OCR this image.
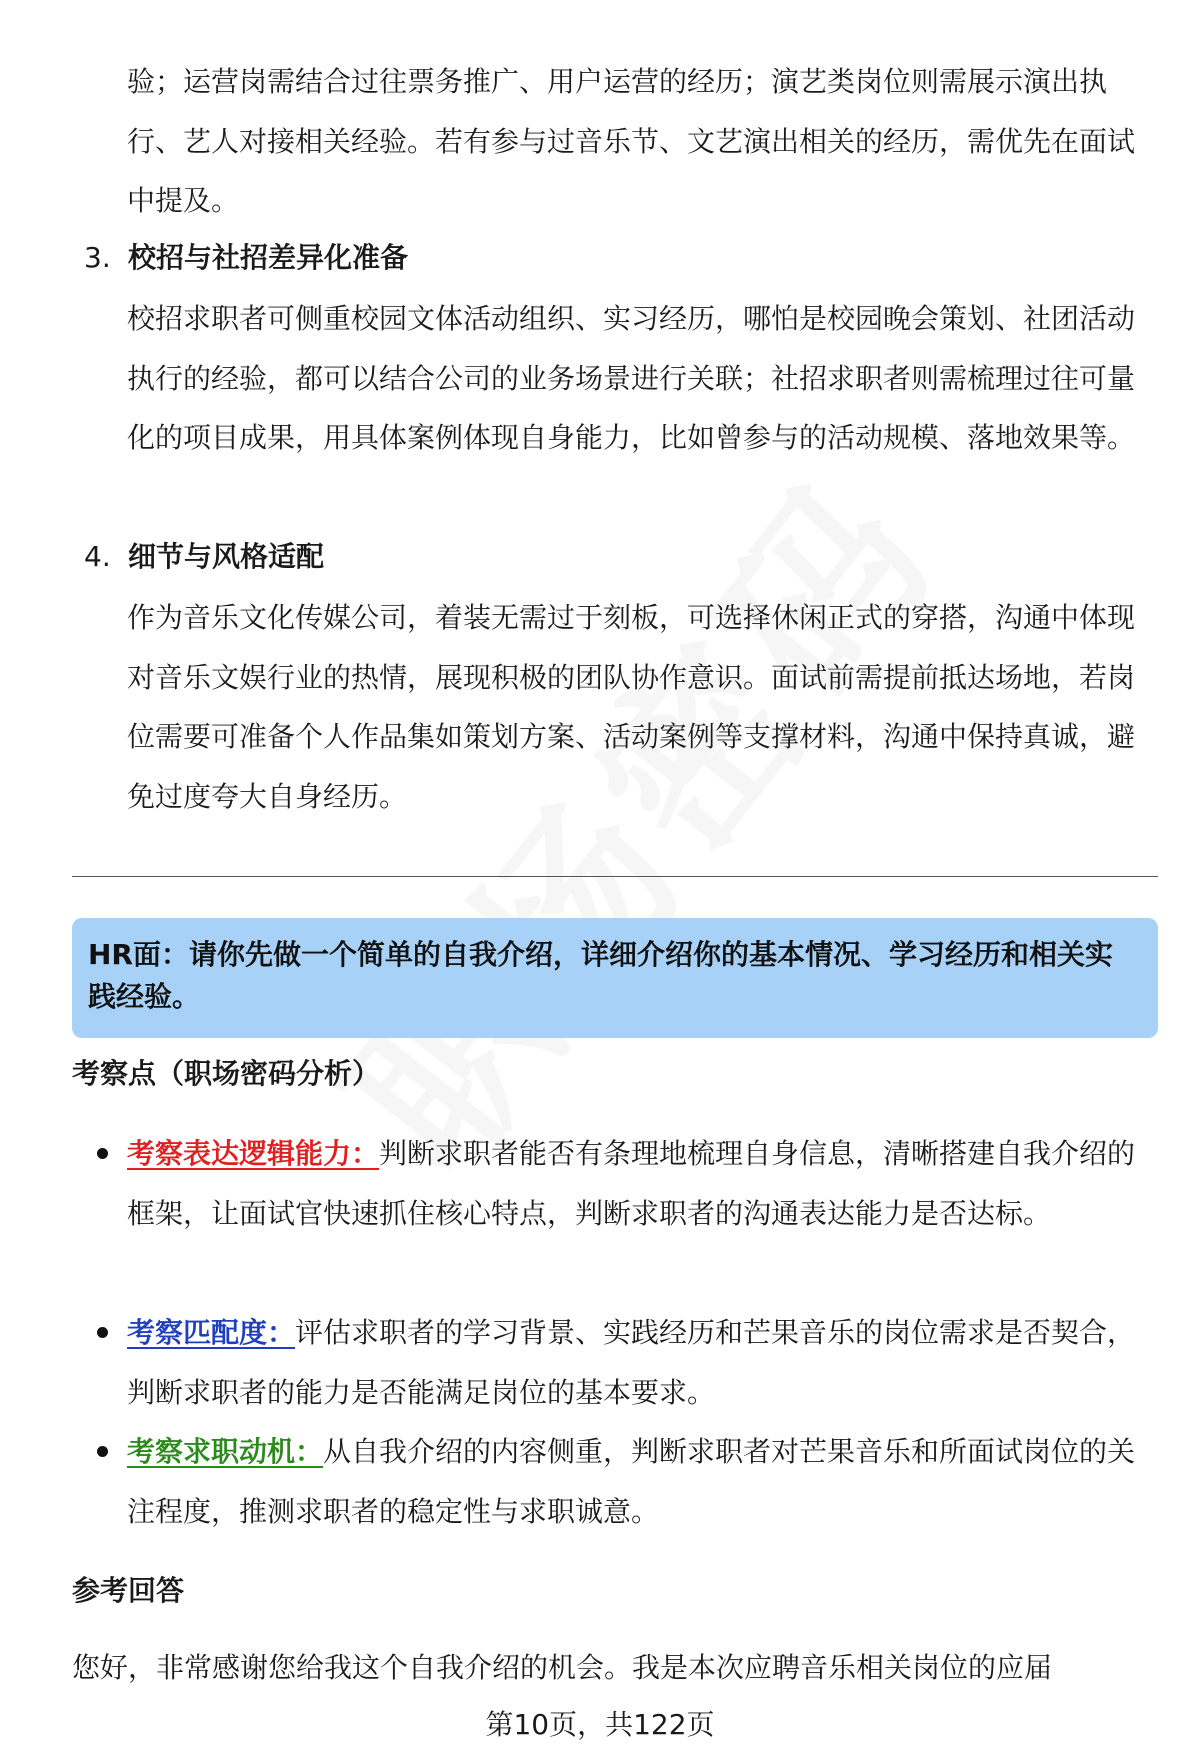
验；运营岗需结合过往票务推广、用户运营的经历；演艺类岗位则需展示演出执行、艺人对接相关经验。若有参与过音乐节、文艺演出相关的经历，需优先在面试中提及。

3. 校招与社招差异化准备

校招求职者可侧重校园文体活动组织、实习经历，哪怕是校园晚会策划、社团活动执行的经验，都可以结合公司的业务场景进行关联；社招求职者则需梳理过往可量化的项目成果，用具体案例体现自身能力，比如曾参与的活动规模、落地效果等。

4. 细节与风格适配

作为音乐文化传媒公司，着装无需过于刻板，可选择休闲正式的穿搭，沟通中体现对音乐文娱行业的热情，展现积极的团队协作意识。面试前需提前抵达场地，若岗位需要可准备个人作品集如策划方案、活动案例等支撑材料，沟通中保持真诚，避免过度夸大自身经历。

HR面：请你先做一个简单的自我介绍，详细介绍你的基本情况、学习经历和相关实践经验。

考察点（职场密码分析）

考察表达逻辑能力：判断求职者能否有条理地梳理自身信息，清晰搭建自我介绍的框架，让面试官快速抓住核心特点，判断求职者的沟通表达能力是否达标。

考察匹配度：评估求职者的学习背景、实践经历和芒果音乐的岗位需求是否契合，判断求职者的能力是否能满足岗位的基本要求。

考察求职动机：从自我介绍的内容侧重，判断求职者对芒果音乐和所面试岗位的关注程度，推测求职者的稳定性与求职诚意。

参考回答

您好，非常感谢您给我这个自我介绍的机会。我是本次应聘音乐相关岗位的应届

第10页，共122页
